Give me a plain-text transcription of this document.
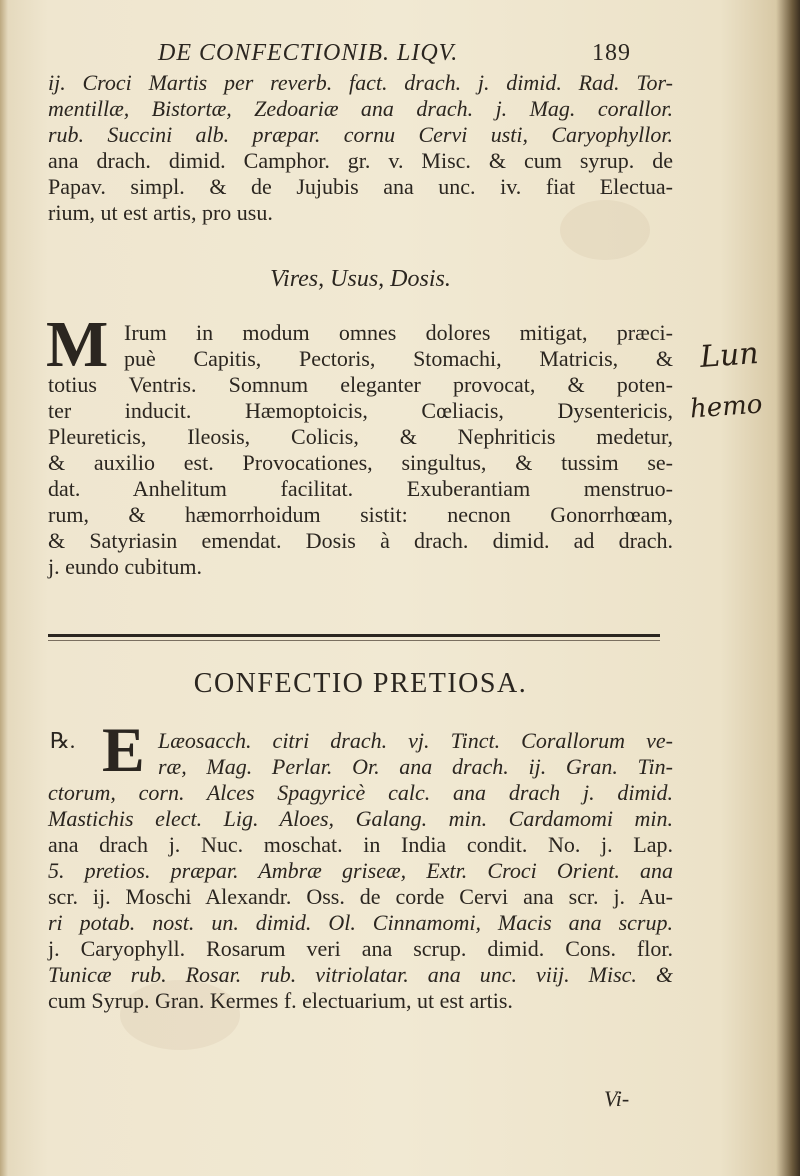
DE CONFECTIONIB. LIQV.	189
ij. Croci Martis per reverb. fact. drach. j. dimid. Rad. Tor-
mentillæ, Bistortæ, Zedoariæ ana drach. j. Mag. corallor.
rub. Succini alb. præpar. cornu Cervi usti, Caryophyllor.
ana drach. dimid. Camphor. gr. v. Misc. & cum syrup. de
Papav. simpl. & de Jujubis ana unc. iv. fiat Electua-
rium, ut est artis, pro usu.
Vires, Usus, Dosis.
M Irum in modum omnes dolores mitigat, præci-
puè Capitis, Pectoris, Stomachi, Matricis, &
totius Ventris. Somnum eleganter provocat, & poten-
ter inducit. Hæmoptoicis, Cœliacis, Dysentericis,
Pleureticis, Ileosis, Colicis, & Nephriticis medetur,
& auxilio est. Provocationes, singultus, & tussim se-
dat. Anhelitum facilitat. Exuberantiam menstruo-
rum, & hæmorrhoidum sistit: necnon Gonorrhœam,
& Satyriasin emendat. Dosis à drach. dimid. ad drach.
j. eundo cubitum.
Lun
hemo
CONFECTIO PRETIOSA.
℞. E Læosacch. citri drach. vj. Tinct. Corallorum ve-
ræ, Mag. Perlar. Or. ana drach. ij. Gran. Tin-
ctorum, corn. Alces Spagyricè calc. ana drach j. dimid.
Mastichis elect. Lig. Aloes, Galang. min. Cardamomi min.
ana drach j. Nuc. moschat. in India condit. No. j. Lap.
5. pretios. præpar. Ambræ griseæ, Extr. Croci Orient. ana
scr. ij. Moschi Alexandr. Oss. de corde Cervi ana scr. j. Au-
ri potab. nost. un. dimid. Ol. Cinnamomi, Macis ana scrup.
j. Caryophyll. Rosarum veri ana scrup. dimid. Cons. flor.
Tunicæ rub. Rosar. rub. vitriolatar. ana unc. viij. Misc. &
cum Syrup. Gran. Kermes f. electuarium, ut est artis.
Vi-
